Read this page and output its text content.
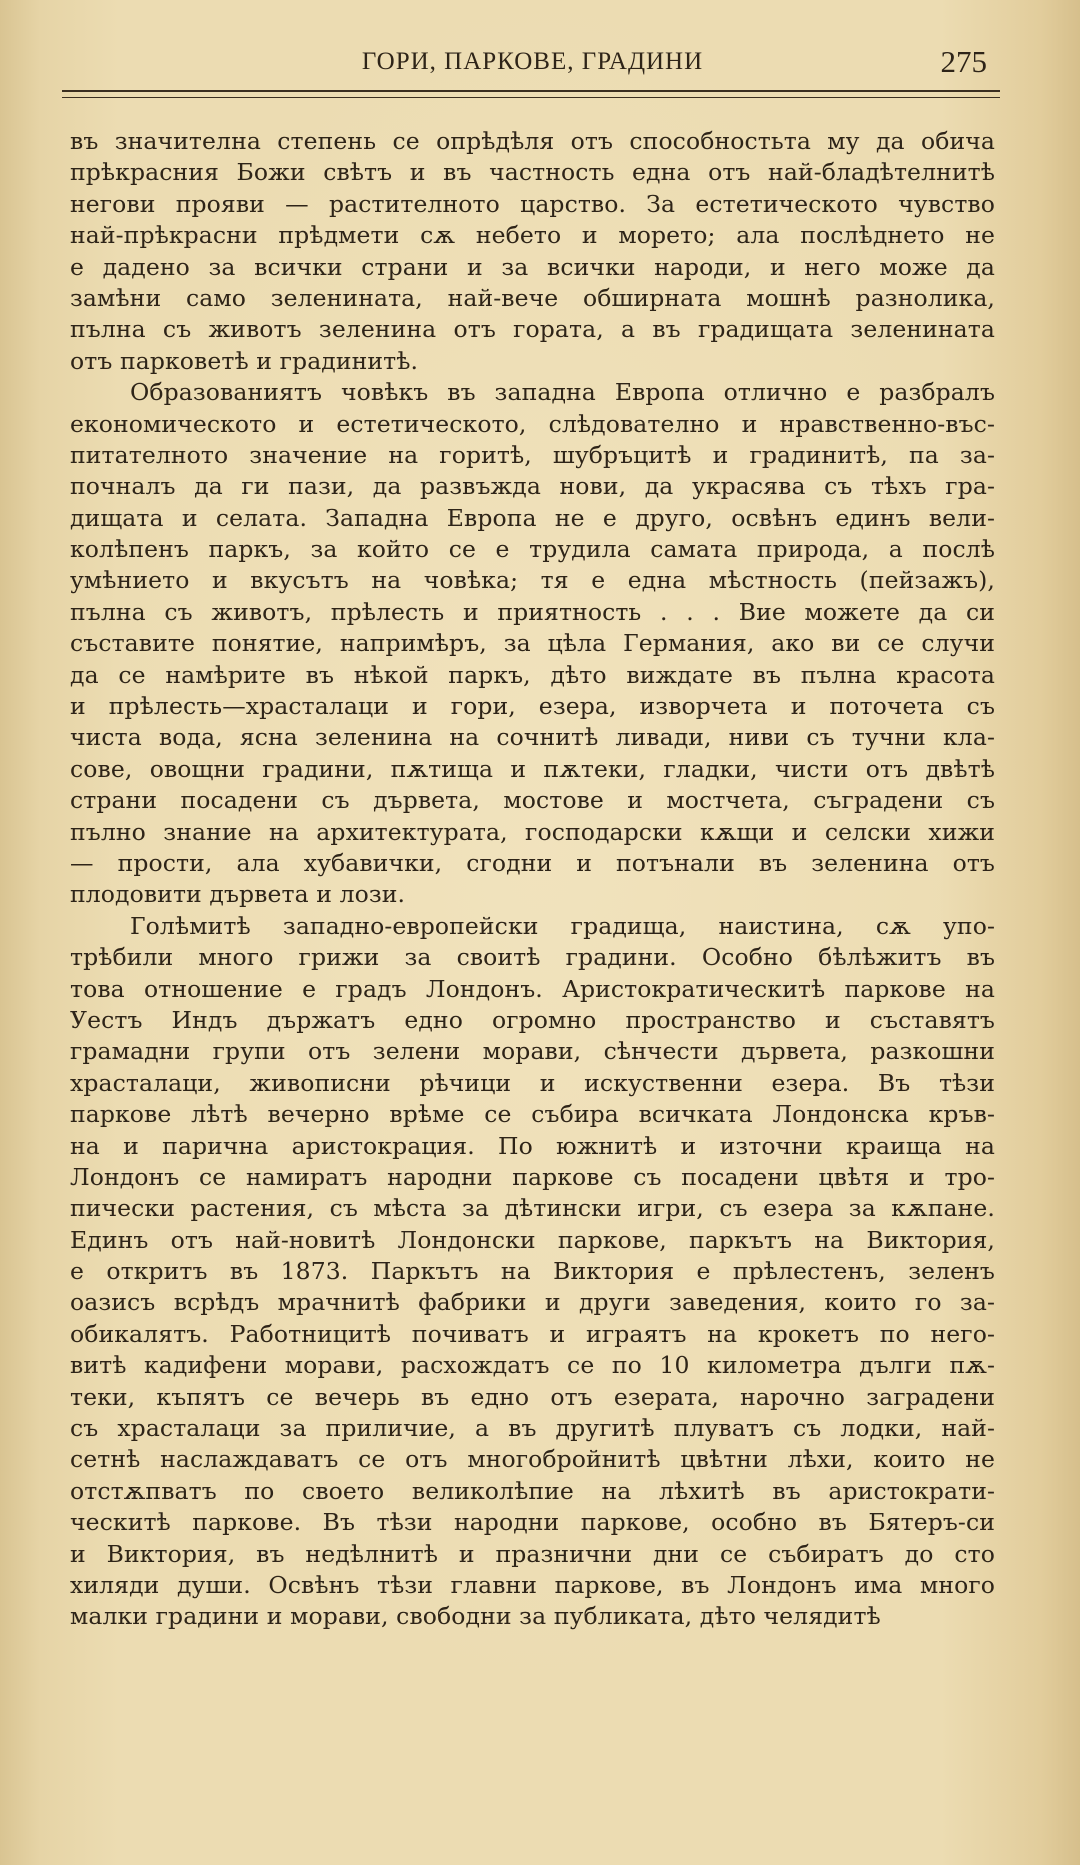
ГОРИ, ПАРКОВЕ, ГРАДИНИ	275
въ значителна степень се опрѣдѣля отъ способностьта му да обича
прѣкрасния Божи свѣтъ и въ частность една отъ най-бладѣтелнитѣ
негови прояви — растителното царство. За естетическото чувство
най-прѣкрасни прѣдмети сѫ небето и морето; ала послѣднето не
е дадено за всички страни и за всички народи, и него може да
замѣни само зеленината, най-вече обширната мошнѣ разнолика,
пълна съ животъ зеленина отъ гората, а въ градищата зеленината
отъ парковетѣ и градинитѣ.
Образованиятъ човѣкъ въ западна Европа отлично е разбралъ
економическото и естетическото, слѣдователно и нравственно-въс-
питателното значение на горитѣ, шубръцитѣ и градинитѣ, па за-
почналъ да ги пази, да развъжда нови, да украсява съ тѣхъ гра-
дищата и селата. Западна Европа не е друго, освѣнъ единъ вели-
колѣпенъ паркъ, за който се е трудила самата природа, а послѣ
умѣнието и вкусътъ на човѣка; тя е една мѣстность (пейзажъ),
пълна съ животъ, прѣлесть и приятность . . . Вие можете да си
съставите понятие, напримѣръ, за цѣла Германия, ако ви се случи
да се намѣрите въ нѣкой паркъ, дѣто виждате въ пълна красота
и прѣлесть—храсталаци и гори, езера, изворчета и поточета съ
чиста вода, ясна зеленина на сочнитѣ ливади, ниви съ тучни кла-
сове, овощни градини, пѫтища и пѫтеки, гладки, чисти отъ двѣтѣ
страни посадени съ дървета, мостове и мостчета, съградени съ
пълно знание на архитектурата, господарски кѫщи и селски хижи
— прости, ала хубавички, сгодни и потънали въ зеленина отъ
плодовити дървета и лози.
Голѣмитѣ западно-европейски градища, наистина, сѫ упо-
трѣбили много грижи за своитѣ градини. Особно бѣлѣжитъ въ
това отношение е градъ Лондонъ. Аристократическитѣ паркове на
Уестъ Индъ държатъ едно огромно пространство и съставятъ
грамадни групи отъ зелени морави, сѣнчести дървета, разкошни
храсталаци, живописни рѣчици и искуственни езера. Въ тѣзи
паркове лѣтѣ вечерно врѣме се събира всичката Лондонска кръв-
на и парична аристокрация. По южнитѣ и източни краища на
Лондонъ се намиратъ народни паркове съ посадени цвѣтя и тро-
пически растения, съ мѣста за дѣтински игри, съ езера за кѫпане.
Единъ отъ най-новитѣ Лондонски паркове, паркътъ на Виктория,
е откритъ въ 1873. Паркътъ на Виктория е прѣлестенъ, зеленъ
оазисъ всрѣдъ мрачнитѣ фабрики и други заведения, които го за-
обикалятъ. Работницитѣ почиватъ и играятъ на крокетъ по него-
витѣ кадифени морави, расхождатъ се по 10 километра дълги пѫ-
теки, къпятъ се вечерь въ едно отъ езерата, нарочно заградени
съ храсталаци за приличие, а въ другитѣ плуватъ съ лодки, най-
сетнѣ наслаждаватъ се отъ многобройнитѣ цвѣтни лѣхи, които не
отстѫпватъ по своето великолѣпие на лѣхитѣ въ аристократи-
ческитѣ паркове. Въ тѣзи народни паркове, особно въ Бятеръ-си
и Виктория, въ недѣлнитѣ и празнични дни се събиратъ до сто
хиляди души. Освѣнъ тѣзи главни паркове, въ Лондонъ има много
малки градини и морави, свободни за публиката, дѣто челядитѣ
